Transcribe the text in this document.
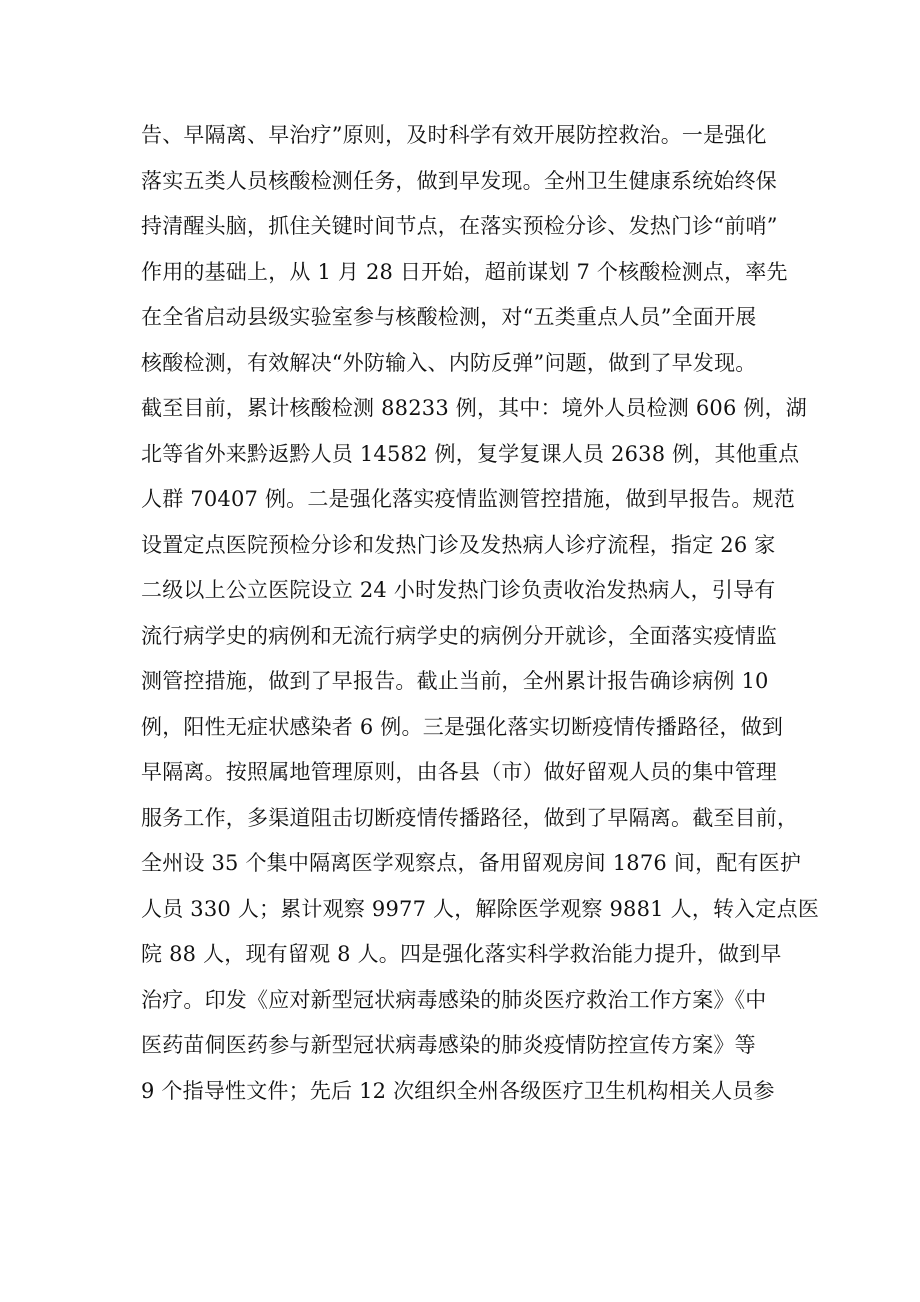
告、早隔离、早治疗”原则，及时科学有效开展防控救治。一是强化
落实五类人员核酸检测任务，做到早发现。全州卫生健康系统始终保
持清醒头脑，抓住关键时间节点，在落实预检分诊、发热门诊“前哨”
作用的基础上，从 1 月 28 日开始，超前谋划 7 个核酸检测点，率先
在全省启动县级实验室参与核酸检测，对“五类重点人员”全面开展
核酸检测，有效解决“外防输入、内防反弹”问题，做到了早发现。
截至目前，累计核酸检测 88233 例，其中：境外人员检测 606 例，湖
北等省外来黔返黔人员 14582 例，复学复课人员 2638 例，其他重点
人群 70407 例。二是强化落实疫情监测管控措施，做到早报告。规范
设置定点医院预检分诊和发热门诊及发热病人诊疗流程，指定 26 家
二级以上公立医院设立 24 小时发热门诊负责收治发热病人，引导有
流行病学史的病例和无流行病学史的病例分开就诊，全面落实疫情监
测管控措施，做到了早报告。截止当前，全州累计报告确诊病例 10
例，阳性无症状感染者 6 例。三是强化落实切断疫情传播路径，做到
早隔离。按照属地管理原则，由各县（市）做好留观人员的集中管理
服务工作，多渠道阻击切断疫情传播路径，做到了早隔离。截至目前，
全州设 35 个集中隔离医学观察点，备用留观房间 1876 间，配有医护
人员 330 人；累计观察 9977 人，解除医学观察 9881 人，转入定点医
院 88 人，现有留观 8 人。四是强化落实科学救治能力提升，做到早
治疗。印发《应对新型冠状病毒感染的肺炎医疗救治工作方案》《中
医药苗侗医药参与新型冠状病毒感染的肺炎疫情防控宣传方案》等
9 个指导性文件；先后 12 次组织全州各级医疗卫生机构相关人员参
